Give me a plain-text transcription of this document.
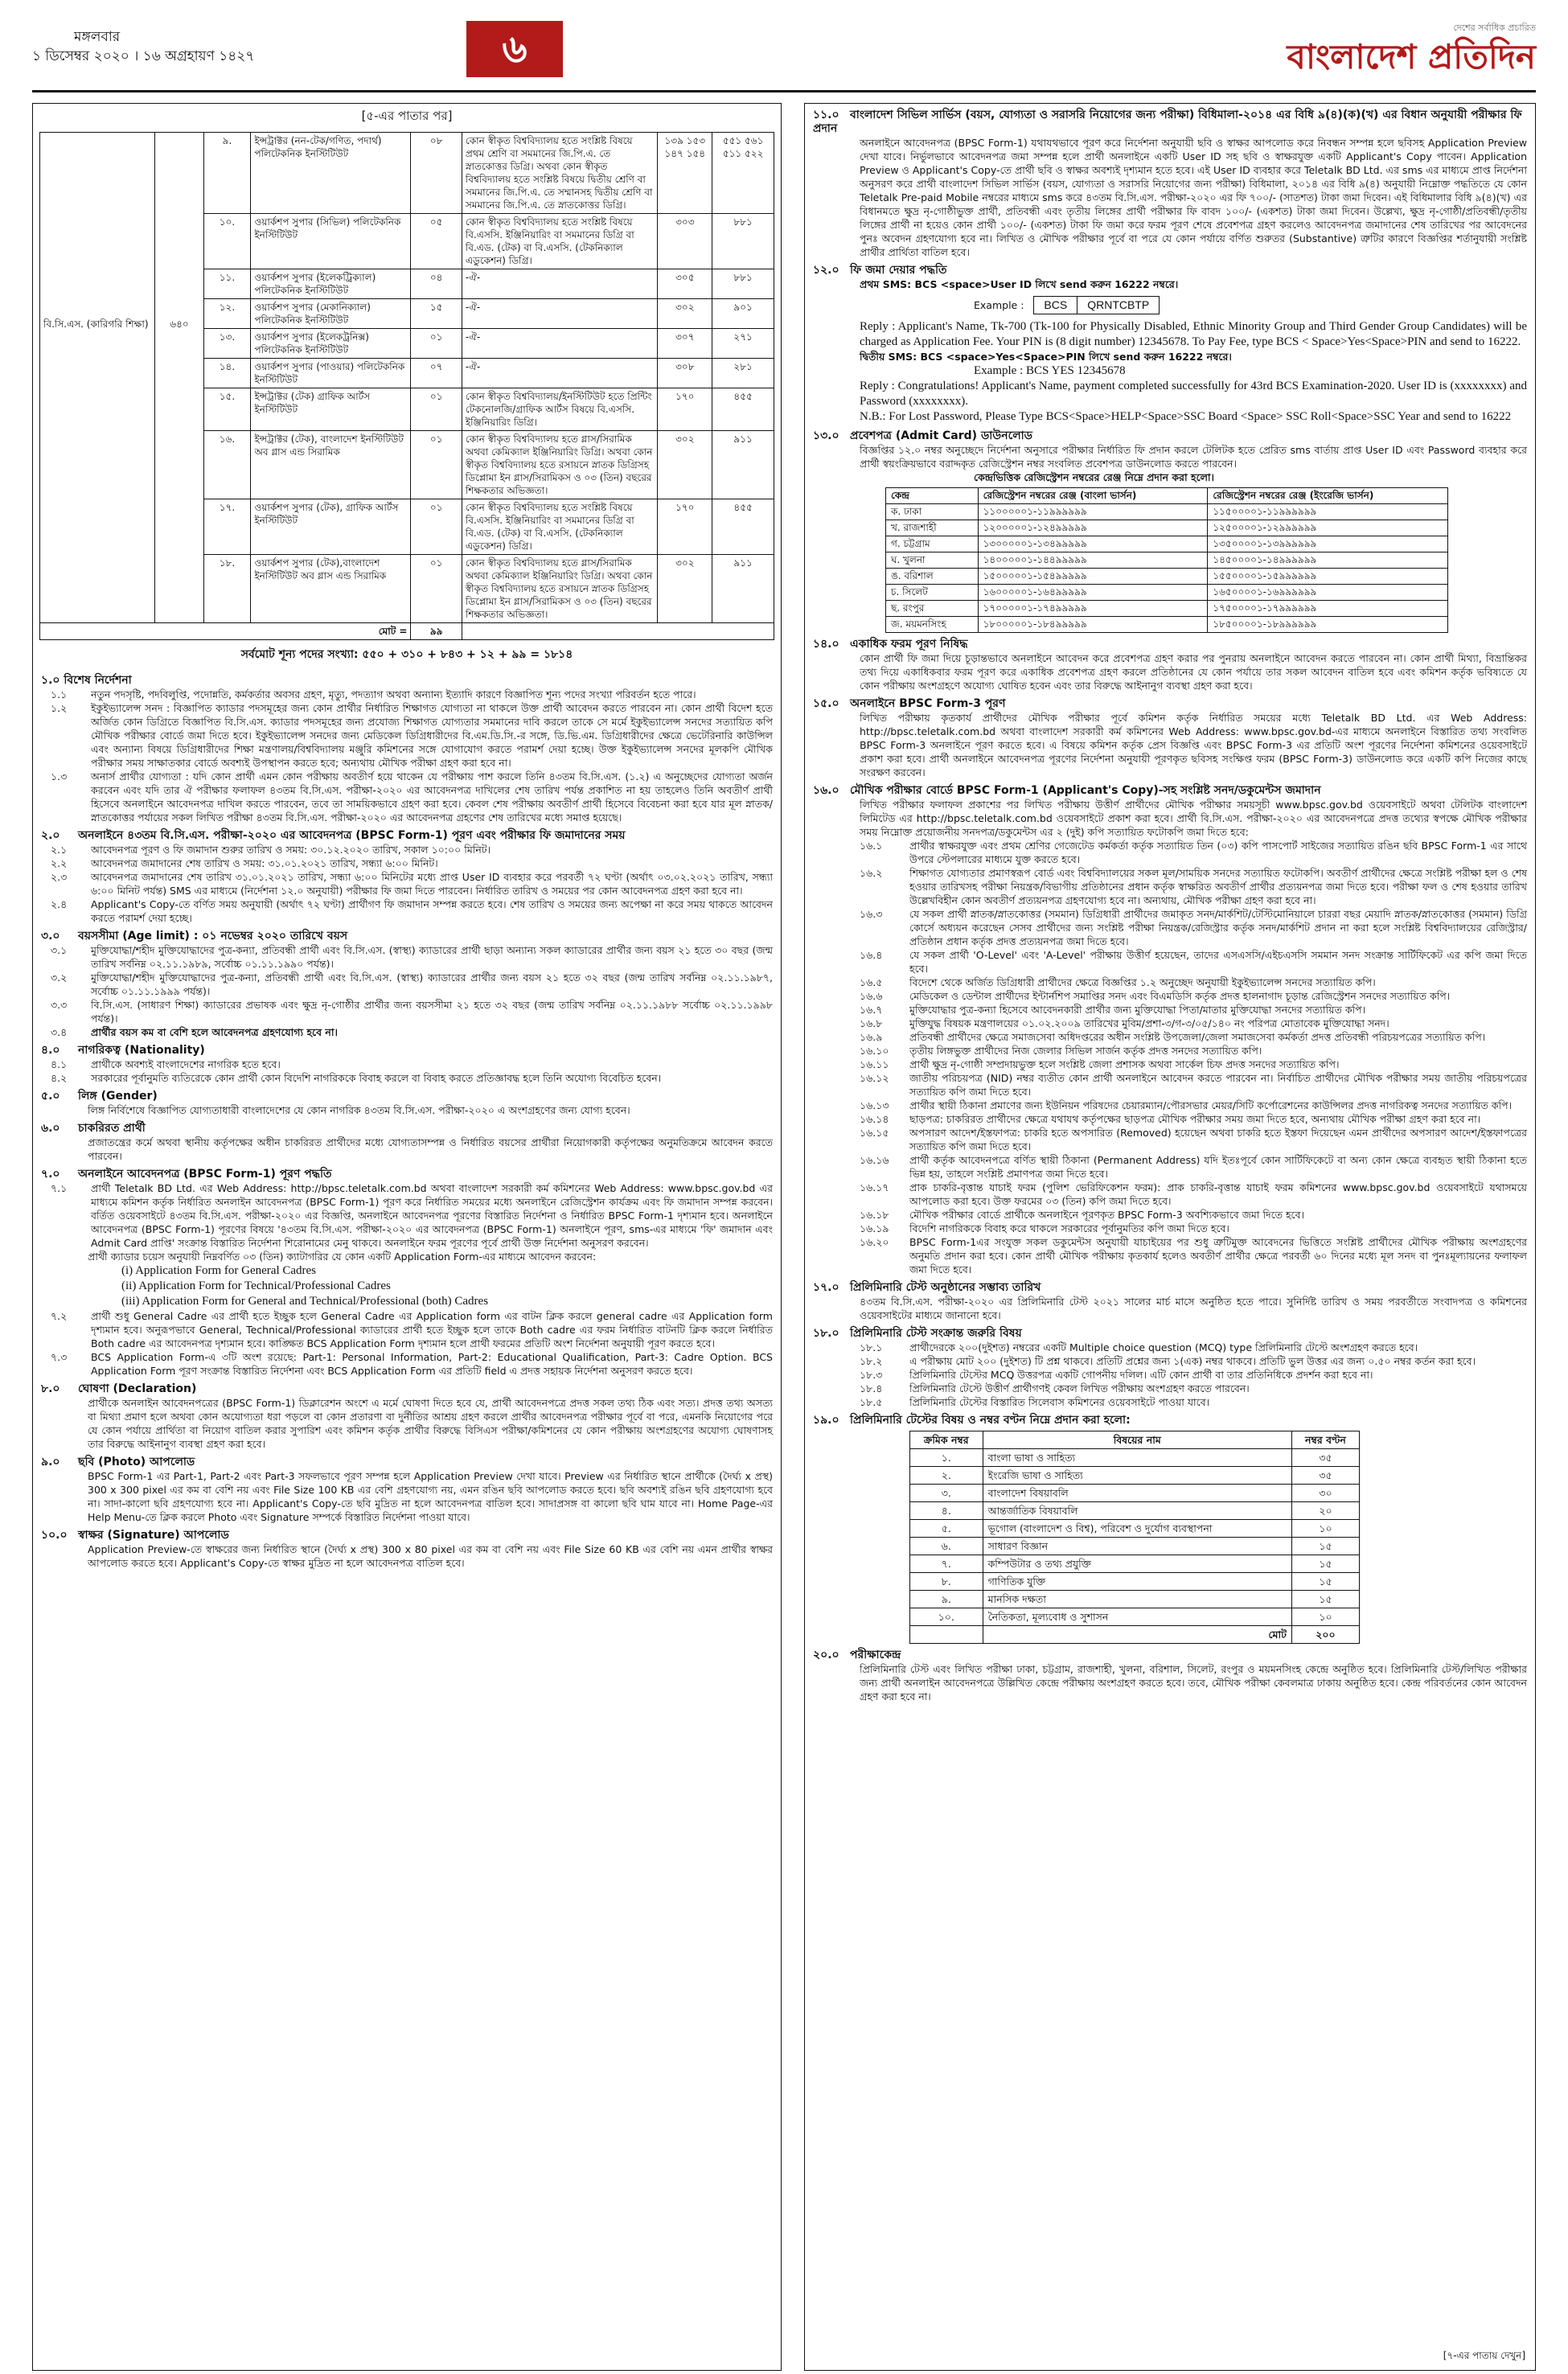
মঙ্গলবার
১ ডিসেম্বর ২০২০ । ১৬ অগ্রহায়ণ ১৪২৭	৬	দেশের সর্বাধিক প্রচারিত
বাংলাদেশ প্রতিদিন
[৫-এর পাতার পর]
বি.সি.এস. (কারিগরি শিক্ষা)	৬৪০	৯.	ইন্সট্রাক্টর (নন-টেক/গণিত, পদার্থ) পলিটেকনিক ইনস্টিটিউট	০৮	কোন স্বীকৃত বিশ্ববিদ্যালয় হতে সংশ্লিষ্ট বিষয়ে প্রথম শ্রেণি বা সমমানের জি.পি.এ. তে স্নাতকোত্তর ডিগ্রি। অথবা কোন স্বীকৃত বিশ্ববিদ্যালয় হতে সংশ্লিষ্ট বিষয়ে দ্বিতীয় শ্রেণি বা সমমানের জি.পি.এ. তে সম্মানসহ দ্বিতীয় শ্রেণি বা সমমানের জি.পি.এ. তে স্নাতকোত্তর ডিগ্রি।	১৩৯ ১৫৩ ১৪৭ ১৫৪	৫৫১ ৫৬১ ৫১১ ৫২২
		১০.	ওয়ার্কশপ সুপার (সিভিল) পলিটেকনিক ইনস্টিটিউট	০৫	কোন স্বীকৃত বিশ্ববিদ্যালয় হতে সংশ্লিষ্ট বিষয়ে বি.এসসি. ইঞ্জিনিয়ারিং বা সমমানের ডিগ্রি বা বি.এড. (টেক) বা বি.এসসি. (টেকনিক্যাল এডুকেশন) ডিগ্রি।	৩০৩	৮৮১
		১১.	ওয়ার্কশপ সুপার (ইলেকট্রিক্যাল) পলিটেকনিক ইনস্টিটিউট	০৪	-ঐ-	৩০৫	৮৮১
		১২.	ওয়ার্কশপ সুপার (মেকানিক্যাল) পলিটেকনিক ইনস্টিটিউট	১৫	-ঐ-	৩০২	৯০১
		১৩.	ওয়ার্কশপ সুপার (ইলেকট্রনিক্স) পলিটেকনিক ইনস্টিটিউট	০১	-ঐ-	৩০৭	২৭১
		১৪.	ওয়ার্কশপ সুপার (পাওয়ার) পলিটেকনিক ইনস্টিটিউট	০৭	-ঐ-	৩০৮	২৮১
		১৫.	ইন্সট্রাক্টর (টেক) গ্রাফিক আর্টস ইনস্টিটিউট	০১	কোন স্বীকৃত বিশ্ববিদ্যালয়/ইনস্টিটিউট হতে প্রিন্টিং টেকনোলজি/গ্রাফিক আর্টস বিষয়ে বি.এসসি. ইঞ্জিনিয়ারিং ডিগ্রি।	১৭০	৪৫৫
		১৬.	ইন্সট্রাক্টর (টেক), বাংলাদেশ ইনস্টিটিউট অব গ্লাস এন্ড সিরামিক	০১	কোন স্বীকৃত বিশ্ববিদ্যালয় হতে গ্লাস/সিরামিক অথবা কেমিক্যাল ইঞ্জিনিয়ারিং ডিগ্রি। অথবা কোন স্বীকৃত বিশ্ববিদ্যালয় হতে রসায়নে স্নাতক ডিগ্রিসহ ডিপ্লোমা ইন গ্লাস/সিরামিকস ও ০৩ (তিন) বছরের শিক্ষকতার অভিজ্ঞতা।	৩০২	৯১১
		১৭.	ওয়ার্কশপ সুপার (টেক), গ্রাফিক আর্টস ইনস্টিটিউট	০১	কোন স্বীকৃত বিশ্ববিদ্যালয় হতে সংশ্লিষ্ট বিষয়ে বি.এসসি. ইঞ্জিনিয়ারিং বা সমমানের ডিগ্রি বা বি.এড. (টেক) বা বি.এসসি. (টেকনিক্যাল এডুকেশন) ডিগ্রি।	১৭০	৪৫৫
		১৮.	ওয়ার্কশপ সুপার (টেক),বাংলাদেশ ইনস্টিটিউট অব গ্লাস এন্ড সিরামিক	০১	কোন স্বীকৃত বিশ্ববিদ্যালয় হতে গ্লাস/সিরামিক অথবা কেমিক্যাল ইঞ্জিনিয়ারিং ডিগ্রি। অথবা কোন স্বীকৃত বিশ্ববিদ্যালয় হতে রসায়নে স্নাতক ডিগ্রিসহ ডিপ্লোমা ইন গ্লাস/সিরামিকস ও ০৩ (তিন) বছরের শিক্ষকতার অভিজ্ঞতা।	৩০২	৯১১
মোট =				৯৯			
সর্বমোট শূন্য পদের সংখ্যা: ৫৫০ + ৩১০ + ৮৪৩ + ১২ + ৯৯ = ১৮১৪
১.০ বিশেষ নির্দেশনা
১.১	নতুন পদসৃষ্টি, পদবিলুপ্তি, পদোন্নতি, কর্মকর্তার অবসর গ্রহণ, মৃত্যু, পদত্যাগ অথবা অন্যান্য ইত্যাদি কারণে বিজ্ঞাপিত শূন্য পদের সংখ্যা পরিবর্তন হতে পারে।
১.২	ইকুইভ্যালেন্স সনদ : বিজ্ঞাপিত ক্যাডার পদসমূহের জন্য কোন প্রার্থীর নির্ধারিত শিক্ষাগত যোগ্যতা না থাকলে উক্ত প্রার্থী আবেদন করতে পারবেন না। কোন প্রার্থী বিদেশ হতে অর্জিত কোন ডিগ্রিতে বিজ্ঞাপিত বি.সি.এস. ক্যাডার পদসমূহের জন্য প্রযোজ্য শিক্ষাগত যোগ্যতার সমমানের দাবি করলে তাকে সে মর্মে ইকুইভ্যালেন্স সনদের সত্যায়িত কপি মৌখিক পরীক্ষার বোর্ডে জমা দিতে হবে। ইকুইভ্যালেন্স সনদের জন্য মেডিকেল ডিগ্রিধারীদের বি.এম.ডি.সি.-র সঙ্গে, ডি.ভি.এম. ডিগ্রিধারীদের ক্ষেত্রে ভেটেরিনারি কাউন্সিল এবং অন্যান্য বিষয়ে ডিগ্রিধারীদের শিক্ষা মন্ত্রণালয়/বিশ্ববিদ্যালয় মঞ্জুরি কমিশনের সঙ্গে যোগাযোগ করতে পরামর্শ দেয়া হচ্ছে। উক্ত ইকুইভ্যালেন্স সনদের মূলকপি মৌখিক পরীক্ষার সময় সাক্ষাতকার বোর্ডে অবশ্যই উপস্থাপন করতে হবে; অন্যথায় মৌখিক পরীক্ষা গ্রহণ করা হবে না।
১.৩	অনার্স প্রার্থীর যোগ্যতা : যদি কোন প্রার্থী এমন কোন পরীক্ষায় অবতীর্ণ হয়ে থাকেন যে পরীক্ষায় পাশ করলে তিনি ৪৩তম বি.সি.এস. (১.২) এ অনুচ্ছেদের যোগ্যতা অর্জন করবেন এবং যদি তার ঐ পরীক্ষার ফলাফল ৪৩তম বি.সি.এস. পরীক্ষা-২০২০ এর আবেদনপত্র দাখিলের শেষ তারিখ পর্যন্ত প্রকাশিত না হয় তাহলেও তিনি অবতীর্ণ প্রার্থী হিসেবে অনলাইনে আবেদনপত্র দাখিল করতে পারবেন, তবে তা সাময়িকভাবে গ্রহণ করা হবে। কেবল শেষ পরীক্ষায় অবতীর্ণ প্রার্থী হিসেবে বিবেচনা করা হবে যার মূল স্নাতক/স্নাতকোত্তর পর্যায়ের সকল লিখিত পরীক্ষা ৪৩তম বি.সি.এস. পরীক্ষা-২০২০ এর আবেদনপত্র গ্রহণের শেষ তারিখের মধ্যে সমাপ্ত হয়েছে।
২.০ অনলাইনে ৪৩তম বি.সি.এস. পরীক্ষা-২০২০ এর আবেদনপত্র (BPSC Form-1) পূরণ এবং পরীক্ষার ফি জমাদানের সময়
২.১	আবেদনপত্র পূরণ ও ফি জমাদান শুরুর তারিখ ও সময়: ৩০.১২.২০২০ তারিখ, সকাল ১০:০০ মিনিট।
২.২	আবেদনপত্র জমাদানের শেষ তারিখ ও সময়: ৩১.০১.২০২১ তারিখ, সন্ধ্যা ৬:০০ মিনিট।
২.৩	আবেদনপত্র জমাদানের শেষ তারিখ ৩১.০১.২০২১ তারিখ, সন্ধ্যা ৬:০০ মিনিটের মধ্যে প্রাপ্ত User ID ব্যবহার করে পরবর্তী ৭২ ঘণ্টা (অর্থাৎ ০৩.০২.২০২১ তারিখ, সন্ধ্যা ৬:০০ মিনিট পর্যন্ত) SMS এর মাধ্যমে (নির্দেশনা ১২.০ অনুযায়ী) পরীক্ষার ফি জমা দিতে পারবেন। নির্ধারিত তারিখ ও সময়ের পর কোন আবেদনপত্র গ্রহণ করা হবে না।
২.৪	Applicant's Copy-তে বর্ণিত সময় অনুযায়ী (অর্থাৎ ৭২ ঘণ্টা) প্রার্থীগণ ফি জমাদান সম্পন্ন করতে হবে। শেষ তারিখ ও সময়ের জন্য অপেক্ষা না করে সময় থাকতে আবেদন করতে পরামর্শ দেয়া হচ্ছে।
৩.০ বয়সসীমা (Age limit) : ০১ নভেম্বর ২০২০ তারিখে বয়স
৩.১	মুক্তিযোদ্ধা/শহীদ মুক্তিযোদ্ধাদের পুত্র-কন্যা, প্রতিবন্ধী প্রার্থী এবং বি.সি.এস. (স্বাস্থ্য) ক্যাডারের প্রার্থী ছাড়া অন্যান্য সকল ক্যাডারের প্রার্থীর জন্য বয়স ২১ হতে ৩০ বছর (জন্ম তারিখ সর্বনিম্ন ০২.১১.১৯৮৯, সর্বোচ্চ ০১.১১.১৯৯০ পর্যন্ত)।
৩.২	মুক্তিযোদ্ধা/শহীদ মুক্তিযোদ্ধাদের পুত্র-কন্যা, প্রতিবন্ধী প্রার্থী এবং বি.সি.এস. (স্বাস্থ্য) ক্যাডারের প্রার্থীর জন্য বয়স ২১ হতে ৩২ বছর (জন্ম তারিখ সর্বনিম্ন ০২.১১.১৯৮৭, সর্বোচ্চ ০১.১১.১৯৯৯ পর্যন্ত)।
৩.৩	বি.সি.এস. (সাধারণ শিক্ষা) ক্যাডারের প্রভাষক এবং ক্ষুদ্র নৃ-গোষ্ঠীর প্রার্থীর জন্য বয়সসীমা ২১ হতে ৩২ বছর (জন্ম তারিখ সর্বনিম্ন ০২.১১.১৯৮৮ সর্বোচ্চ ০২.১১.১৯৯৮ পর্যন্ত)।
৩.৪	প্রার্থীর বয়স কম বা বেশি হলে আবেদনপত্র গ্রহণযোগ্য হবে না।
৪.০ নাগরিকত্ব (Nationality)
৪.১	প্রার্থীকে অবশ্যই বাংলাদেশের নাগরিক হতে হবে।
৪.২	সরকারের পূর্বানুমতি ব্যতিরেকে কোন প্রার্থী কোন বিদেশি নাগরিককে বিবাহ করলে বা বিবাহ করতে প্রতিজ্ঞাবদ্ধ হলে তিনি অযোগ্য বিবেচিত হবেন।
৫.০ লিঙ্গ (Gender)
লিঙ্গ নির্বিশেষে বিজ্ঞাপিত যোগ্যতাধারী বাংলাদেশের যে কোন নাগরিক ৪৩তম বি.সি.এস. পরীক্ষা-২০২০ এ অংশগ্রহণের জন্য যোগ্য হবেন।
৬.০ চাকরিরত প্রার্থী
প্রজাতন্ত্রের কর্মে অথবা স্থানীয় কর্তৃপক্ষের অধীন চাকরিরত প্রার্থীদের মধ্যে যোগ্যতাসম্পন্ন ও নির্ধারিত বয়সের প্রার্থীরা নিয়োগকারী কর্তৃপক্ষের অনুমতিক্রমে আবেদন করতে পারবেন।
৭.০ অনলাইনে আবেদনপত্র (BPSC Form-1) পূরণ পদ্ধতি
৭.১	প্রার্থী Teletalk BD Ltd. এর Web Address: http://bpsc.teletalk.com.bd অথবা বাংলাদেশ সরকারী কর্ম কমিশনের Web Address: www.bpsc.gov.bd এর মাধ্যমে কমিশন কর্তৃক নির্ধারিত অনলাইন আবেদনপত্র (BPSC Form-1) পূরণ করে নির্ধারিত সময়ের মধ্যে অনলাইনে রেজিস্ট্রেশন কার্যক্রম এবং ফি জমাদান সম্পন্ন করবেন। বর্তিত ওয়েবসাইটে ৪৩তম বি.সি.এস. পরীক্ষা-২০২০ এর বিজ্ঞপ্তি, অনলাইনে আবেদনপত্র পূরণের বিস্তারিত নির্দেশনা ও নির্ধারিত BPSC Form-1 দৃশ্যমান হবে। অনলাইনে আবেদনপত্র (BPSC Form-1) পূরণের বিষয়ে '৪৩তম বি.সি.এস. পরীক্ষা-২০২০ এর আবেদনপত্র (BPSC Form-1) অনলাইনে পূরণ, sms-এর মাধ্যমে 'ফি' জমাদান এবং Admit Card প্রাপ্তি' সংক্রান্ত বিস্তারিত নির্দেশনা শিরোনামের মেনু থাকবে। অনলাইনে ফরম পূরণের পূর্বে প্রার্থী উক্ত নির্দেশনা অনুসরণ করবেন।
প্রার্থী ক্যাডার চয়েস অনুযায়ী নিম্নবর্ণিত ০৩ (তিন) ক্যাটাগরির যে কোন একটি Application Form-এর মাধ্যমে আবেদন করবেন:
(i) Application Form for General Cadres
(ii) Application Form for Technical/Professional Cadres
(iii) Application Form for General and Technical/Professional (both) Cadres
৭.২	প্রার্থী শুধু General Cadre এর প্রার্থী হতে ইচ্ছুক হলে General Cadre এর Application form এর বাটন ক্লিক করলে general cadre এর Application form দৃশ্যমান হবে। অনুরূপভাবে General, Technical/Professional ক্যাডারের প্রার্থী হতে ইচ্ছুক হলে তাকে Both cadre এর ফরম নির্ধারিত বাটনটি ক্লিক করলে নির্ধারিত Both cadre এর আবেদনপত্র দৃশ্যমান হবে। কাঙ্ক্ষিত BCS Application Form দৃশ্যমান হলে প্রার্থী ফরমের প্রতিটি অংশ নির্দেশনা অনুযায়ী পূরণ করতে হবে।
৭.৩	BCS Application Form-এ ৩টি অংশ রয়েছে: Part-1: Personal Information, Part-2: Educational Qualification, Part-3: Cadre Option. BCS Application Form পূরণ সংক্রান্ত বিস্তারিত নির্দেশনা এবং BCS Application Form এর প্রতিটি field এ প্রদত্ত সহায়ক নির্দেশনা অনুসরণ করতে হবে।
৮.০ ঘোষণা (Declaration)
প্রার্থীকে অনলাইন আবেদনপত্রের (BPSC Form-1) ডিক্লারেশন অংশে এ মর্মে ঘোষণা দিতে হবে যে, প্রার্থী আবেদনপত্রে প্রদত্ত সকল তথ্য ঠিক এবং সত্য। প্রদত্ত তথ্য অসত্য বা মিথ্যা প্রমাণ হলে অথবা কোন অযোগ্যতা ধরা পড়লে বা কোন প্রতারণা বা দুর্নীতির আশ্রয় গ্রহণ করলে প্রার্থীর আবেদনপত্র পরীক্ষার পূর্বে বা পরে, এমনকি নিয়োগের পরে যে কোন পর্যায়ে প্রার্থিতা বা নিয়োগ বাতিল করার সুপারিশ এবং কমিশন কর্তৃক প্রার্থীর বিরুদ্ধে বিসিএস পরীক্ষা/কমিশনের যে কোন পরীক্ষায় অংশগ্রহণের অযোগ্য ঘোষণাসহ তার বিরুদ্ধে আইনানুগ ব্যবস্থা গ্রহণ করা হবে।
৯.০ ছবি (Photo) আপলোড
BPSC Form-1 এর Part-1, Part-2 এবং Part-3 সফলভাবে পূরণ সম্পন্ন হলে Application Preview দেখা যাবে। Preview এর নির্ধারিত স্থানে প্রার্থীকে (দৈর্ঘ্য x প্রস্থ) 300 x 300 pixel এর কম বা বেশি নয় এবং File Size 100 KB এর বেশি গ্রহণযোগ্য নয়, এমন রঙিন ছবি আপলোড করতে হবে। ছবি অবশ্যই রঙিন ছবি গ্রহণযোগ্য হবে না। সাদা-কালো ছবি গ্রহণযোগ্য হবে না। Applicant's Copy-তে ছবি মুদ্রিত না হলে আবেদনপত্র বাতিল হবে। সাদাপ্রসঙ্গ বা কালো ছবি ঘাম যাবে না। Home Page-এর Help Menu-তে ক্লিক করলে Photo এবং Signature সম্পর্কে বিস্তারিত নির্দেশনা পাওয়া যাবে।
১০.০ স্বাক্ষর (Signature) আপলোড
Application Preview-তে স্বাক্ষরের জন্য নির্ধারিত স্থানে (দৈর্ঘ্য x প্রস্থ) 300 x 80 pixel এর কম বা বেশি নয় এবং File Size 60 KB এর বেশি নয় এমন প্রার্থীর স্বাক্ষর আপলোড করতে হবে। Applicant's Copy-তে স্বাক্ষর মুদ্রিত না হলে আবেদনপত্র বাতিল হবে।
১১.০ বাংলাদেশ সিভিল সার্ভিস (বয়স, যোগ্যতা ও সরাসরি নিয়োগের জন্য পরীক্ষা) বিধিমালা-২০১৪ এর বিধি ৯(৪)(ক)(খ) এর বিধান অনুযায়ী পরীক্ষার ফি প্রদান
অনলাইনে আবেদনপত্র (BPSC Form-1) যথাযথভাবে পূরণ করে নির্দেশনা অনুযায়ী ছবি ও স্বাক্ষর আপলোড করে নিবন্ধন সম্পন্ন হলে ছবিসহ Application Preview দেখা যাবে। নির্ভুলভাবে আবেদনপত্র জমা সম্পন্ন হলে প্রার্থী অনলাইনে একটি User ID সহ ছবি ও স্বাক্ষরযুক্ত একটি Applicant's Copy পাবেন। Application Preview ও Applicant's Copy-তে প্রার্থী ছবি ও স্বাক্ষর অবশ্যই দৃশ্যমান হতে হবে। এই User ID ব্যবহার করে Teletalk BD Ltd. এর sms এর মাধ্যমে প্রাপ্ত নির্দেশনা অনুসরণ করে প্রার্থী বাংলাদেশ সিভিল সার্ভিস (বয়স, যোগ্যতা ও সরাসরি নিয়োগের জন্য পরীক্ষা) বিধিমালা, ২০১৪ এর বিধি ৯(৪) অনুযায়ী নিম্নোক্ত পদ্ধতিতে যে কোন Teletalk Pre-paid Mobile নম্বরের মাধ্যমে sms করে ৪৩তম বি.সি.এস. পরীক্ষা-২০২০ এর ফি ৭০০/- (সাতশত) টাকা জমা দিবেন। এই বিধিমালার বিধি ৯(৪)(খ) এর বিধানমতে ক্ষুদ্র নৃ-গোষ্ঠীভুক্ত প্রার্থী, প্রতিবন্ধী এবং তৃতীয় লিঙ্গের প্রার্থী পরীক্ষার ফি বাবদ ১০০/- (একশত) টাকা জমা দিবেন। উল্লেখ্য, ক্ষুদ্র নৃ-গোষ্ঠী/প্রতিবন্ধী/তৃতীয় লিঙ্গের প্রার্থী না হয়েও কোন প্রার্থী ১০০/- (একশত) টাকা ফি জমা করে ফরম পূরণ শেষে প্রবেশপত্র গ্রহণ করলেও আবেদনপত্র জমাদানের শেষ তারিখের পর আবেদনের পুনঃ অবেদন গ্রহণযোগ্য হবে না। লিখিত ও মৌখিক পরীক্ষার পূর্বে বা পরে যে কোন পর্যায়ে বর্ণিত শুরুতর (Substantive) ত্রুটির কারণে বিজ্ঞপ্তির শর্তানুযায়ী সংশ্লিষ্ট প্রার্থীর প্রার্থিতা বাতিল হবে।
১২.০ ফি জমা দেয়ার পদ্ধতি
প্রথম SMS: BCS <space>User ID লিখে send করুন 16222 নম্বরে।
Example : BCS QRNTCBTP
Reply : Applicant's Name, Tk-700 (Tk-100 for Physically Disabled, Ethnic Minority Group and Third Gender Group Candidates) will be charged as Application Fee. Your PIN is (8 digit number) 12345678. To Pay Fee, type BCS < Space>Yes<Space>PIN and send to 16222.
দ্বিতীয় SMS: BCS <space>Yes<Space>PIN লিখে send করুন 16222 নম্বরে।
Example : BCS YES 12345678
Reply : Congratulations! Applicant's Name, payment completed successfully for 43rd BCS Examination-2020. User ID is (xxxxxxxx) and Password (xxxxxxxx).
N.B.: For Lost Password, Please Type BCS<Space>HELP<Space>SSC Board <Space> SSC Roll<Space>SSC Year and send to 16222
১৩.০ প্রবেশপত্র (Admit Card) ডাউনলোড
বিজ্ঞপ্তির ১২.০ নম্বর অনুচ্ছেদে নির্দেশনা অনুসারে পরীক্ষার নির্ধারিত ফি প্রদান করলে টেলিটক হতে প্রেরিত sms বার্তায় প্রাপ্ত User ID এবং Password ব্যবহার করে প্রার্থী স্বয়ংক্রিয়ভাবে বরাদ্দকৃত রেজিস্ট্রেশন নম্বর সংবলিত প্রবেশপত্র ডাউনলোড করতে পারবেন।
কেন্দ্রভিত্তিক রেজিস্ট্রেশন নম্বরের রেঞ্জ নিম্নে প্রদান করা হলো।
কেন্দ্র	রেজিস্ট্রেশন নম্বরের রেঞ্জ (বাংলা ভার্সন)	রেজিস্ট্রেশন নম্বরের রেঞ্জ (ইংরেজি ভার্সন)
ক. ঢাকা	১১০০০০০১-১১৯৯৯৯৯৯	১১৫০০০০১-১১৯৯৯৯৯৯
খ. রাজশাহী	১২০০০০০১-১২৪৯৯৯৯৯	১২৫০০০০১-১২৯৯৯৯৯৯
গ. চট্টগ্রাম	১৩০০০০০১-১৩৪৯৯৯৯৯	১৩৫০০০০১-১৩৯৯৯৯৯৯
ঘ. খুলনা	১৪০০০০০১-১৪৪৯৯৯৯৯	১৪৫০০০০১-১৪৯৯৯৯৯৯
ঙ. বরিশাল	১৫০০০০০১-১৫৪৯৯৯৯৯	১৫৫০০০০১-১৫৯৯৯৯৯৯
চ. সিলেট	১৬০০০০০১-১৬৪৯৯৯৯৯	১৬৫০০০০১-১৬৯৯৯৯৯৯
ছ. রংপুর	১৭০০০০০১-১৭৪৯৯৯৯৯	১৭৫০০০০১-১৭৯৯৯৯৯৯
জ. ময়মনসিংহ	১৮০০০০০১-১৮৪৯৯৯৯৯	১৮৫০০০০১-১৮৯৯৯৯৯৯
১৪.০ একাধিক ফরম পূরণ নিষিদ্ধ
কোন প্রার্থী ফি জমা দিয়ে চূড়ান্তভাবে অনলাইনে আবেদন করে প্রবেশপত্র গ্রহণ করার পর পুনরায় অনলাইনে আবেদন করতে পারবেন না। কোন প্রার্থী মিথ্যা, বিভ্রান্তিকর তথ্য দিয়ে একাধিকবার ফরম পূরণ করে একাধিক প্রবেশপত্র গ্রহণ করলে প্রতিষ্ঠানের যে কোন পর্যায়ে তার সকল আবেদন বাতিল হবে এবং কমিশন কর্তৃক ভবিষ্যতে যে কোন পরীক্ষায় অংশগ্রহণে অযোগ্য ঘোষিত হবেন এবং তার বিরুদ্ধে আইনানুগ ব্যবস্থা গ্রহণ করা হবে।
১৫.০ অনলাইনে BPSC Form-3 পূরণ
লিখিত পরীক্ষায় কৃতকার্য প্রার্থীদের মৌখিক পরীক্ষার পূর্বে কমিশন কর্তৃক নির্ধারিত সময়ের মধ্যে Teletalk BD Ltd. এর Web Address: http://bpsc.teletalk.com.bd অথবা বাংলাদেশ সরকারী কর্ম কমিশনের Web Address: www.bpsc.gov.bd-এর মাধ্যমে অনলাইনে বিস্তারিত তথ্য সংবলিত BPSC Form-3 অনলাইনে পূরণ করতে হবে। এ বিষয়ে কমিশন কর্তৃক প্রেস বিজ্ঞপ্তি এবং BPSC Form-3 এর প্রতিটি অংশ পূরণের নির্দেশনা কমিশনের ওয়েবসাইটে প্রকাশ করা হবে। প্রার্থী অনলাইনে আবেদনপত্র পূরণের নির্দেশনা অনুযায়ী পূরণকৃত ছবিসহ সংক্ষিপ্ত ফরম (BPSC Form-3) ডাউনলোড করে একটি কপি নিজের কাছে সংরক্ষণ করবেন।
১৬.০ মৌখিক পরীক্ষার বোর্ডে BPSC Form-1 (Applicant's Copy)-সহ সংশ্লিষ্ট সনদ/ডকুমেন্টস জমাদান
লিখিত পরীক্ষার ফলাফল প্রকাশের পর লিখিত পরীক্ষায় উত্তীর্ণ প্রার্থীদের মৌখিক পরীক্ষার সময়সূচী www.bpsc.gov.bd ওয়েবসাইটে অথবা টেলিটক বাংলাদেশ লিমিটেড এর http://bpsc.teletalk.com.bd ওয়েবসাইটে প্রকাশ করা হবে। প্রার্থী বি.সি.এস. পরীক্ষা-২০২০ এর আবেদনপত্রে প্রদত্ত তথ্যের স্বপক্ষে মৌখিক পরীক্ষার সময় নিম্নোক্ত প্রয়োজনীয় সনদপত্র/ডকুমেন্টস এর ২ (দুই) কপি সত্যায়িত ফটোকপি জমা দিতে হবে:
১৬.১	প্রার্থীর স্বাক্ষরযুক্ত এবং প্রথম শ্রেণির গেজেটেড কর্মকর্তা কর্তৃক সত্যায়িত তিন (০৩) কপি পাসপোর্ট সাইজের সত্যায়িত রঙিন ছবি BPSC Form-1 এর সাথে উপরে স্টেপলারের মাধ্যমে যুক্ত করতে হবে।
১৬.২	শিক্ষাগত যোগ্যতার প্রমাণস্বরূপ বোর্ড এবং বিশ্ববিদ্যালয়ের সকল মূল/সাময়িক সনদের সত্যায়িত ফটোকপি। অবতীর্ণ প্রার্থীদের ক্ষেত্রে সংশ্লিষ্ট পরীক্ষা হল ও শেষ হওয়ার তারিখসহ পরীক্ষা নিয়ন্ত্রক/বিভাগীয় প্রতিষ্ঠানের প্রধান কর্তৃক স্বাক্ষরিত অবতীর্ণ প্রার্থীর প্রত্যয়নপত্র জমা দিতে হবে। পরীক্ষা ফল ও শেষ হওয়ার তারিখ উল্লেখবিহীন কোন অবতীর্ণ প্রত্যয়নপত্র গ্রহণযোগ্য হবে না। অন্যথায়, মৌখিক পরীক্ষা গ্রহণ করা হবে না।
১৬.৩	যে সকল প্রার্থী স্নাতক/স্নাতকোত্তর (সমমান) ডিগ্রিধারী প্রার্থীদের জমাকৃত সনদ/মার্কশিট/টেস্টিমোনিয়ালে চাররা বছর মেয়াদি স্নাতক/স্নাতকোত্তর (সমমান) ডিগ্রি কোর্সে অধ্যয়ন করেছেন সেসব প্রার্থীদের জন্য সংশ্লিষ্ট পরীক্ষা নিয়ন্ত্রক/রেজিস্ট্রার কর্তৃক সনদ/মার্কশিট প্রদান না করা হলে সংশ্লিষ্ট বিশ্ববিদ্যালয়ের রেজিস্ট্রার/প্রতিষ্ঠান প্রধান কর্তৃক প্রদত্ত প্রত্যয়নপত্র জমা দিতে হবে।
১৬.৪	যে সকল প্রার্থী 'O-Level' এবং 'A-Level' পরীক্ষায় উত্তীর্ণ হয়েছেন, তাদের এসএসসি/এইচএসসি সমমান সনদ সংক্রান্ত সার্টিফিকেট এর কপি জমা দিতে হবে।
১৬.৫	বিদেশে থেকে অর্জিত ডিগ্রিধারী প্রার্থীদের ক্ষেত্রে বিজ্ঞপ্তির ১.২ অনুচ্ছেদ অনুযায়ী ইকুইভ্যালেন্স সনদের সত্যায়িত কপি।
১৬.৬	মেডিকেল ও ডেন্টাল প্রার্থীদের ইন্টার্নশিপ সমাপ্তির সনদ এবং বিএমডিসি কর্তৃক প্রদত্ত হালনাগাদ চূড়ান্ত রেজিস্ট্রেশন সনদের সত্যায়িত কপি।
১৬.৭	মুক্তিযোদ্ধার পুত্র-কন্যা হিসেবে আবেদনকারী প্রার্থীর জন্য মুক্তিযোদ্ধা পিতা/মাতার মুক্তিযোদ্ধা সনদের সত্যায়িত কপি।
১৬.৮	মুক্তিযুদ্ধ বিষয়ক মন্ত্রণালয়ের ০১.০২.২০০৯ তারিখের মুবিম/প্রশা-৩/গ-৩/০৫/১৪০ নং পরিপত্র মোতাবেক মুক্তিযোদ্ধা সনদ।
১৬.৯	প্রতিবন্ধী প্রার্থীদের ক্ষেত্রে সমাজসেবা অধিদপ্তরের অধীন সংশ্লিষ্ট উপজেলা/জেলা সমাজসেবা কর্মকর্তা প্রদত্ত প্রতিবন্ধী পরিচয়পত্রের সত্যায়িত কপি।
১৬.১০	তৃতীয় লিঙ্গভুক্ত প্রার্থীদের নিজ জেলার সিভিল সার্জন কর্তৃক প্রদত্ত সনদের সত্যায়িত কপি।
১৬.১১	প্রার্থী ক্ষুদ্র নৃ-গোষ্ঠী সম্প্রদায়ভুক্ত হলে সংশ্লিষ্ট জেলা প্রশাসক অথবা সার্কেল চিফ প্রদত্ত সনদের সত্যায়িত কপি।
১৬.১২	জাতীয় পরিচয়পত্র (NID) নম্বর ব্যতীত কোন প্রার্থী অনলাইনে আবেদন করতে পারবেন না। নির্বাচিত প্রার্থীদের মৌখিক পরীক্ষার সময় জাতীয় পরিচয়পত্রের সত্যায়িত কপি জমা দিতে হবে।
১৬.১৩	প্রার্থীর স্থায়ী ঠিকানা প্রমাণের জন্য ইউনিয়ন পরিষদের চেয়ারম্যান/পৌরসভার মেয়র/সিটি কর্পোরেশনের কাউন্সিলর প্রদত্ত নাগরিকত্ব সনদের সত্যায়িত কপি।
১৬.১৪	ছাড়পত্র: চাকরিরত প্রার্থীদের ক্ষেত্রে যথাযথ কর্তৃপক্ষের ছাড়পত্র মৌখিক পরীক্ষার সময় জমা দিতে হবে, অন্যথায় মৌখিক পরীক্ষা গ্রহণ করা হবে না।
১৬.১৫	অপসারণ আদেশ/ইস্তফাপত্র: চাকরি হতে অপসারিত (Removed) হয়েছেন অথবা চাকরি হতে ইস্তফা দিয়েছেন এমন প্রার্থীদের অপসারণ আদেশ/ইস্তফাপত্রের সত্যায়িত কপি জমা দিতে হবে।
১৬.১৬	প্রার্থী কর্তৃক আবেদনপত্রে বর্ণিত স্থায়ী ঠিকানা (Permanent Address) যদি ইতঃপূর্বে কোন সার্টিফিকেটে বা অন্য কোন ক্ষেত্রে ব্যবহৃত স্থায়ী ঠিকানা হতে ভিন্ন হয়, তাহলে সংশ্লিষ্ট প্রমাণপত্র জমা দিতে হবে।
১৬.১৭	প্রাক চাকরি-বৃত্তান্ত যাচাই ফরম (পুলিশ ভেরিফিকেশন ফরম): প্রাক চাকরি-বৃত্তান্ত যাচাই ফরম কমিশনের www.bpsc.gov.bd ওয়েবসাইটে যথাসময়ে আপলোড করা হবে। উক্ত ফরমের ০৩ (তিন) কপি জমা দিতে হবে।
১৬.১৮	মৌখিক পরীক্ষার বোর্ডে প্রার্থীকে অনলাইনে পূরণকৃত BPSC Form-3 অবশ্যিকভাবে জমা দিতে হবে।
১৬.১৯	বিদেশি নাগরিককে বিবাহ করে থাকলে সরকারের পূর্বানুমতির কপি জমা দিতে হবে।
১৬.২০	BPSC Form-1এর সংযুক্ত সকল ডকুমেন্টস অনুযায়ী যাচাইয়ের পর শুধু ত্রুটিমুক্ত আবেদনের ভিত্তিতে সংশ্লিষ্ট প্রার্থীদের মৌখিক পরীক্ষায় অংশগ্রহণের অনুমতি প্রদান করা হবে। কোন প্রার্থী মৌখিক পরীক্ষায় কৃতকার্য হলেও অবতীর্ণ প্রার্থীর ক্ষেত্রে পরবর্তী ৬০ দিনের মধ্যে মূল সনদ বা পুনঃমূল্যায়নের ফলাফল জমা দিতে হবে।
১৭.০ প্রিলিমিনারি টেস্ট অনুষ্ঠানের সম্ভাব্য তারিখ
৪৩তম বি.সি.এস. পরীক্ষা-২০২০ এর প্রিলিমিনারি টেস্ট ২০২১ সালের মার্চ মাসে অনুষ্ঠিত হতে পারে। সুনির্দিষ্ট তারিখ ও সময় পরবর্তীতে সংবাদপত্র ও কমিশনের ওয়েবসাইটের মাধ্যমে জানানো হবে।
১৮.০ প্রিলিমিনারি টেস্ট সংক্রান্ত জরুরি বিষয়
১৮.১	প্রার্থীদেরকে ২০০(দুইশত) নম্বরের একটি Multiple choice question (MCQ) type প্রিলিমিনারি টেস্টে অংশগ্রহণ করতে হবে।
১৮.২	এ পরীক্ষায় মোট ২০০ (দুইশত) টি প্রশ্ন থাকবে। প্রতিটি প্রশ্নের জন্য ১(এক) নম্বর থাকবে। প্রতিটি ভুল উত্তর এর জন্য ০.৫০ নম্বর কর্তন করা হবে।
১৮.৩	প্রিলিমিনারি টেস্টের MCQ উত্তরপত্র একটি গোপনীয় দলিল। এটি কোন প্রার্থী বা তার প্রতিনিধিকে প্রদর্শন করা হবে না।
১৮.৪	প্রিলিমিনারি টেস্টে উত্তীর্ণ প্রার্থীগণই কেবল লিখিত পরীক্ষায় অংশগ্রহণ করতে পারবেন।
১৮.৫	প্রিলিমিনারি টেস্টের বিস্তারিত সিলেবাস কমিশনের ওয়েবসাইটে পাওয়া যাবে।
১৯.০ প্রিলিমিনারি টেস্টের বিষয় ও নম্বর বণ্টন নিম্নে প্রদান করা হলো:
ক্রমিক নম্বর	বিষয়ের নাম	নম্বর বণ্টন
১.	বাংলা ভাষা ও সাহিত্য	৩৫
২.	ইংরেজি ভাষা ও সাহিত্য	৩৫
৩.	বাংলাদেশ বিষয়াবলি	৩০
৪.	আন্তর্জাতিক বিষয়াবলি	২০
৫.	ভূগোল (বাংলাদেশ ও বিশ্ব), পরিবেশ ও দুর্যোগ ব্যবস্থাপনা	১০
৬.	সাধারণ বিজ্ঞান	১৫
৭.	কম্পিউটার ও তথ্য প্রযুক্তি	১৫
৮.	গাণিতিক যুক্তি	১৫
৯.	মানসিক দক্ষতা	১৫
১০.	নৈতিকতা, মূল্যবোধ ও সুশাসন	১০
	মোট	২০০
২০.০ পরীক্ষাকেন্দ্র
প্রিলিমিনারি টেস্ট এবং লিখিত পরীক্ষা ঢাকা, চট্টগ্রাম, রাজশাহী, খুলনা, বরিশাল, সিলেট, রংপুর ও ময়মনসিংহ কেন্দ্রে অনুষ্ঠিত হবে। প্রিলিমিনারি টেস্ট/লিখিত পরীক্ষার জন্য প্রার্থী অনলাইন আবেদনপত্রে উল্লিখিত কেন্দ্রে পরীক্ষায় অংশগ্রহণ করতে হবে। তবে, মৌখিক পরীক্ষা কেবলমাত্র ঢাকায় অনুষ্ঠিত হবে। কেন্দ্র পরিবর্তনের কোন আবেদন গ্রহণ করা হবে না।
[৭-এর পাতায় দেখুন]
